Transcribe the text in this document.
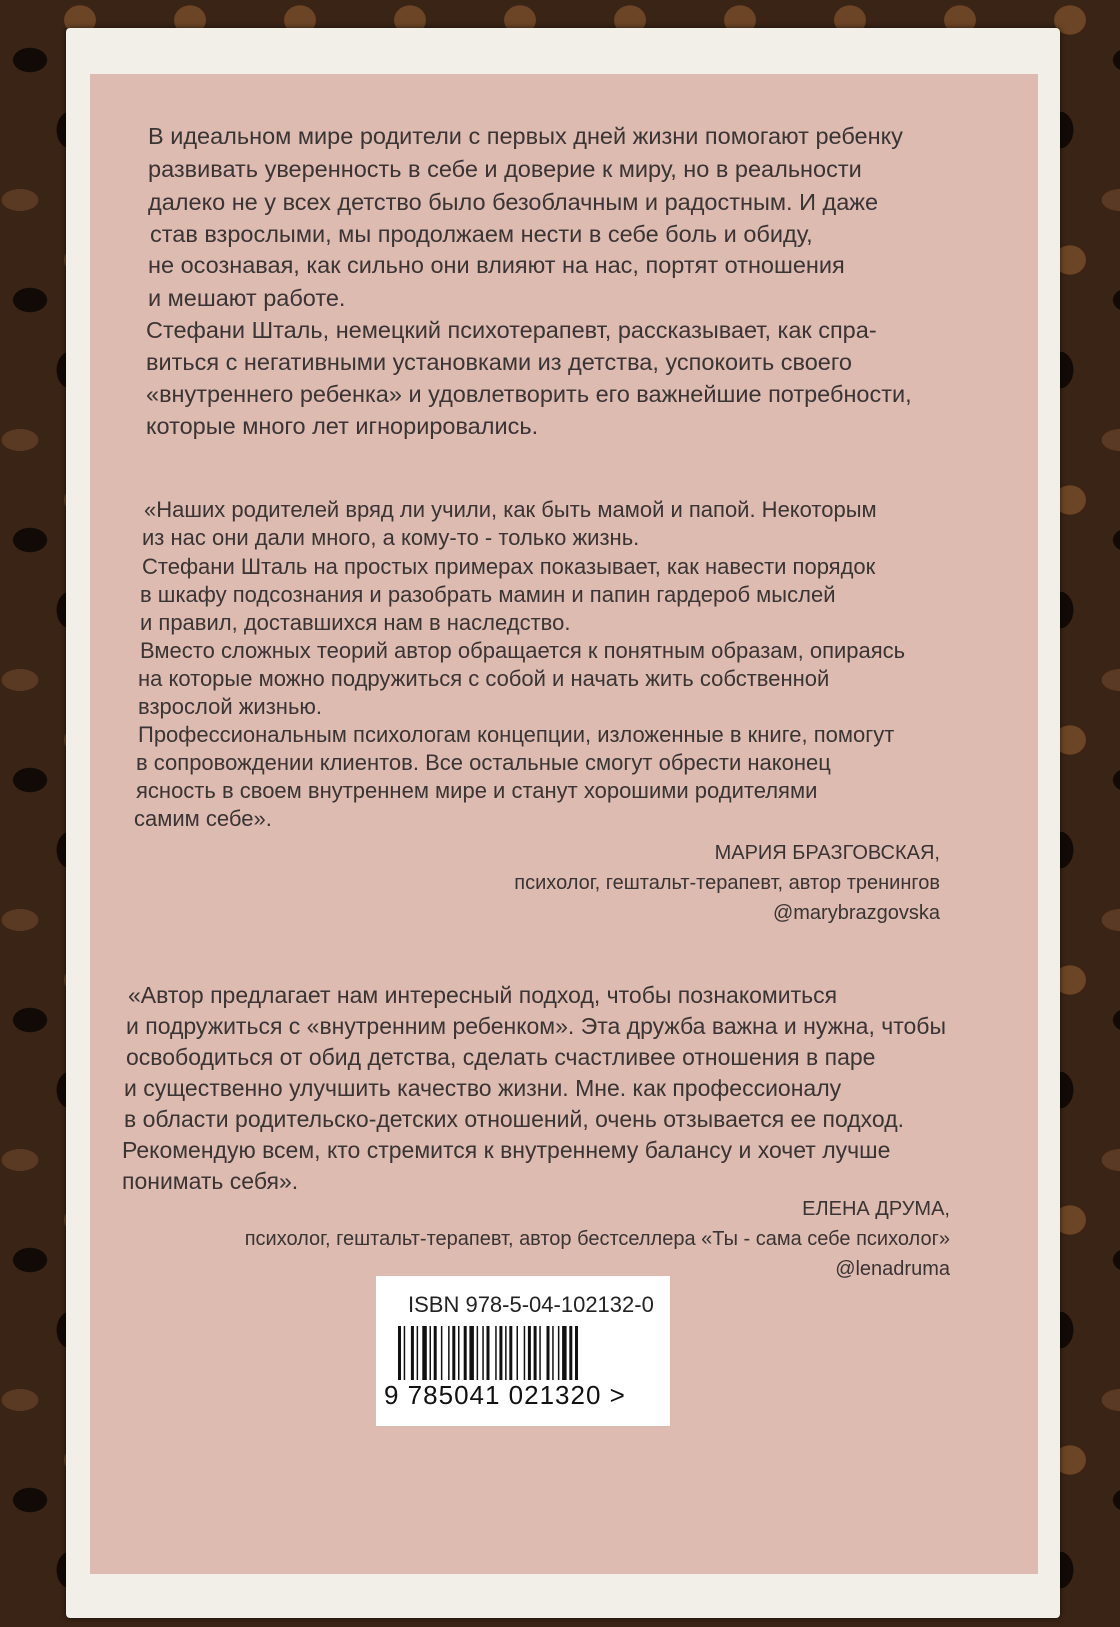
В идеальном мире родители с первых дней жизни помогают ребенку
развивать уверенность в себе и доверие к миру, но в реальности
далеко не у всех детство было безоблачным и радостным. И даже
став взрослыми, мы продолжаем нести в себе боль и обиду,
не осознавая, как сильно они влияют на нас, портят отношения
и мешают работе.
Стефани Шталь, немецкий психотерапевт, рассказывает, как спра-
виться с негативными установками из детства, успокоить своего
«внутреннего ребенка» и удовлетворить его важнейшие потребности,
которые много лет игнорировались.
«Наших родителей вряд ли учили, как быть мамой и папой. Некоторым
из нас они дали много, а кому-то - только жизнь.
Стефани Шталь на простых примерах показывает, как навести порядок
в шкафу подсознания и разобрать мамин и папин гардероб мыслей
и правил, доставшихся нам в наследство.
Вместо сложных теорий автор обращается к понятным образам, опираясь
на которые можно подружиться с собой и начать жить собственной
взрослой жизнью.
Профессиональным психологам концепции, изложенные в книге, помогут
в сопровождении клиентов. Все остальные смогут обрести наконец
ясность в своем внутреннем мире и станут хорошими родителями
самим себе».
МАРИЯ БРАЗГОВСКАЯ,
психолог, гештальт-терапевт, автор тренингов
@marybrazgovska
«Автор предлагает нам интересный подход, чтобы познакомиться
и подружиться с «внутренним ребенком». Эта дружба важна и нужна, чтобы
освободиться от обид детства, сделать счастливее отношения в паре
и существенно улучшить качество жизни. Мне. как профессионалу
в области родительско-детских отношений, очень отзывается ее подход.
Рекомендую всем, кто стремится к внутреннему балансу и хочет лучше
понимать себя».
ЕЛЕНА ДРУМА,
психолог, гештальт-терапевт, автор бестселлера «Ты - сама себе психолог»
@lenadruma
ISBN 978-5-04-102132-0
9 785041 021320 >
